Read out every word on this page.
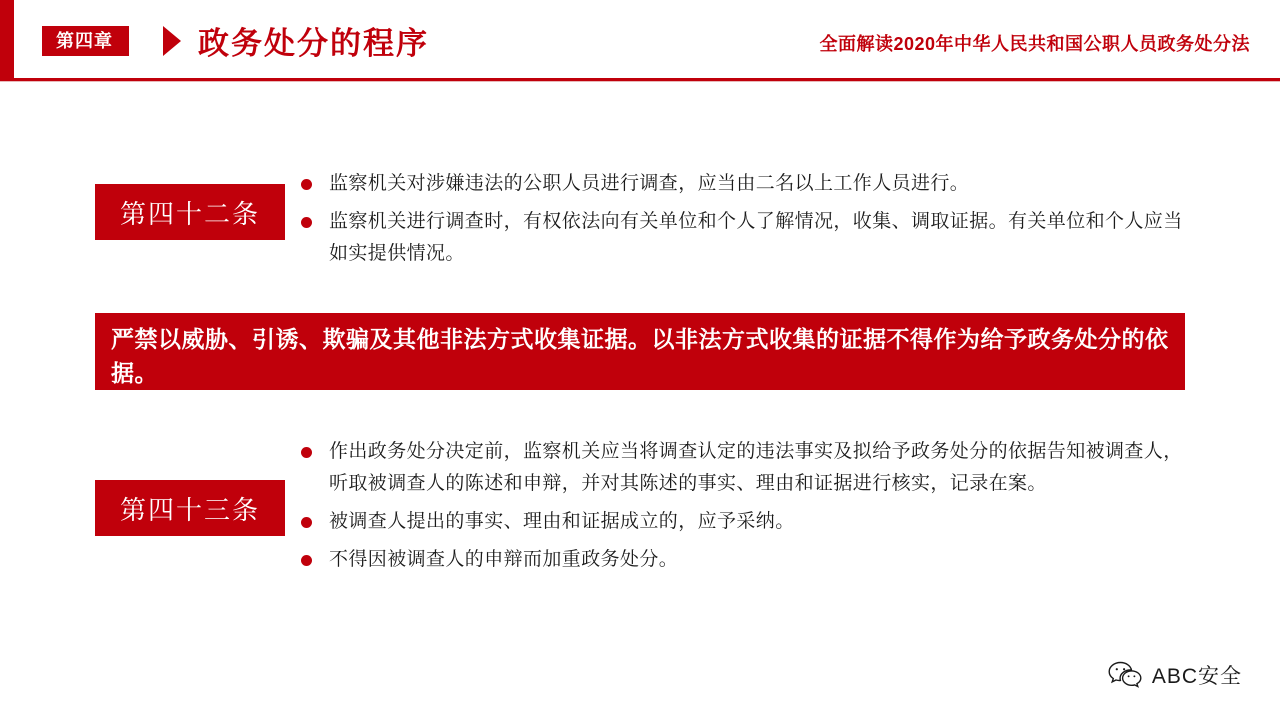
第四章	政务处分的程序	全面解读2020年中华人民共和国公职人员政务处分法
第四十二条
监察机关对涉嫌违法的公职人员进行调查，应当由二名以上工作人员进行。
监察机关进行调查时，有权依法向有关单位和个人了解情况，收集、调取证据。有关单位和个人应当如实提供情况。
严禁以威胁、引诱、欺骗及其他非法方式收集证据。以非法方式收集的证据不得作为给予政务处分的依据。
第四十三条
作出政务处分决定前，监察机关应当将调查认定的违法事实及拟给予政务处分的依据告知被调查人，听取被调查人的陈述和申辩，并对其陈述的事实、理由和证据进行核实，记录在案。
被调查人提出的事实、理由和证据成立的，应予采纳。
不得因被调查人的申辩而加重政务处分。
ABC安全
